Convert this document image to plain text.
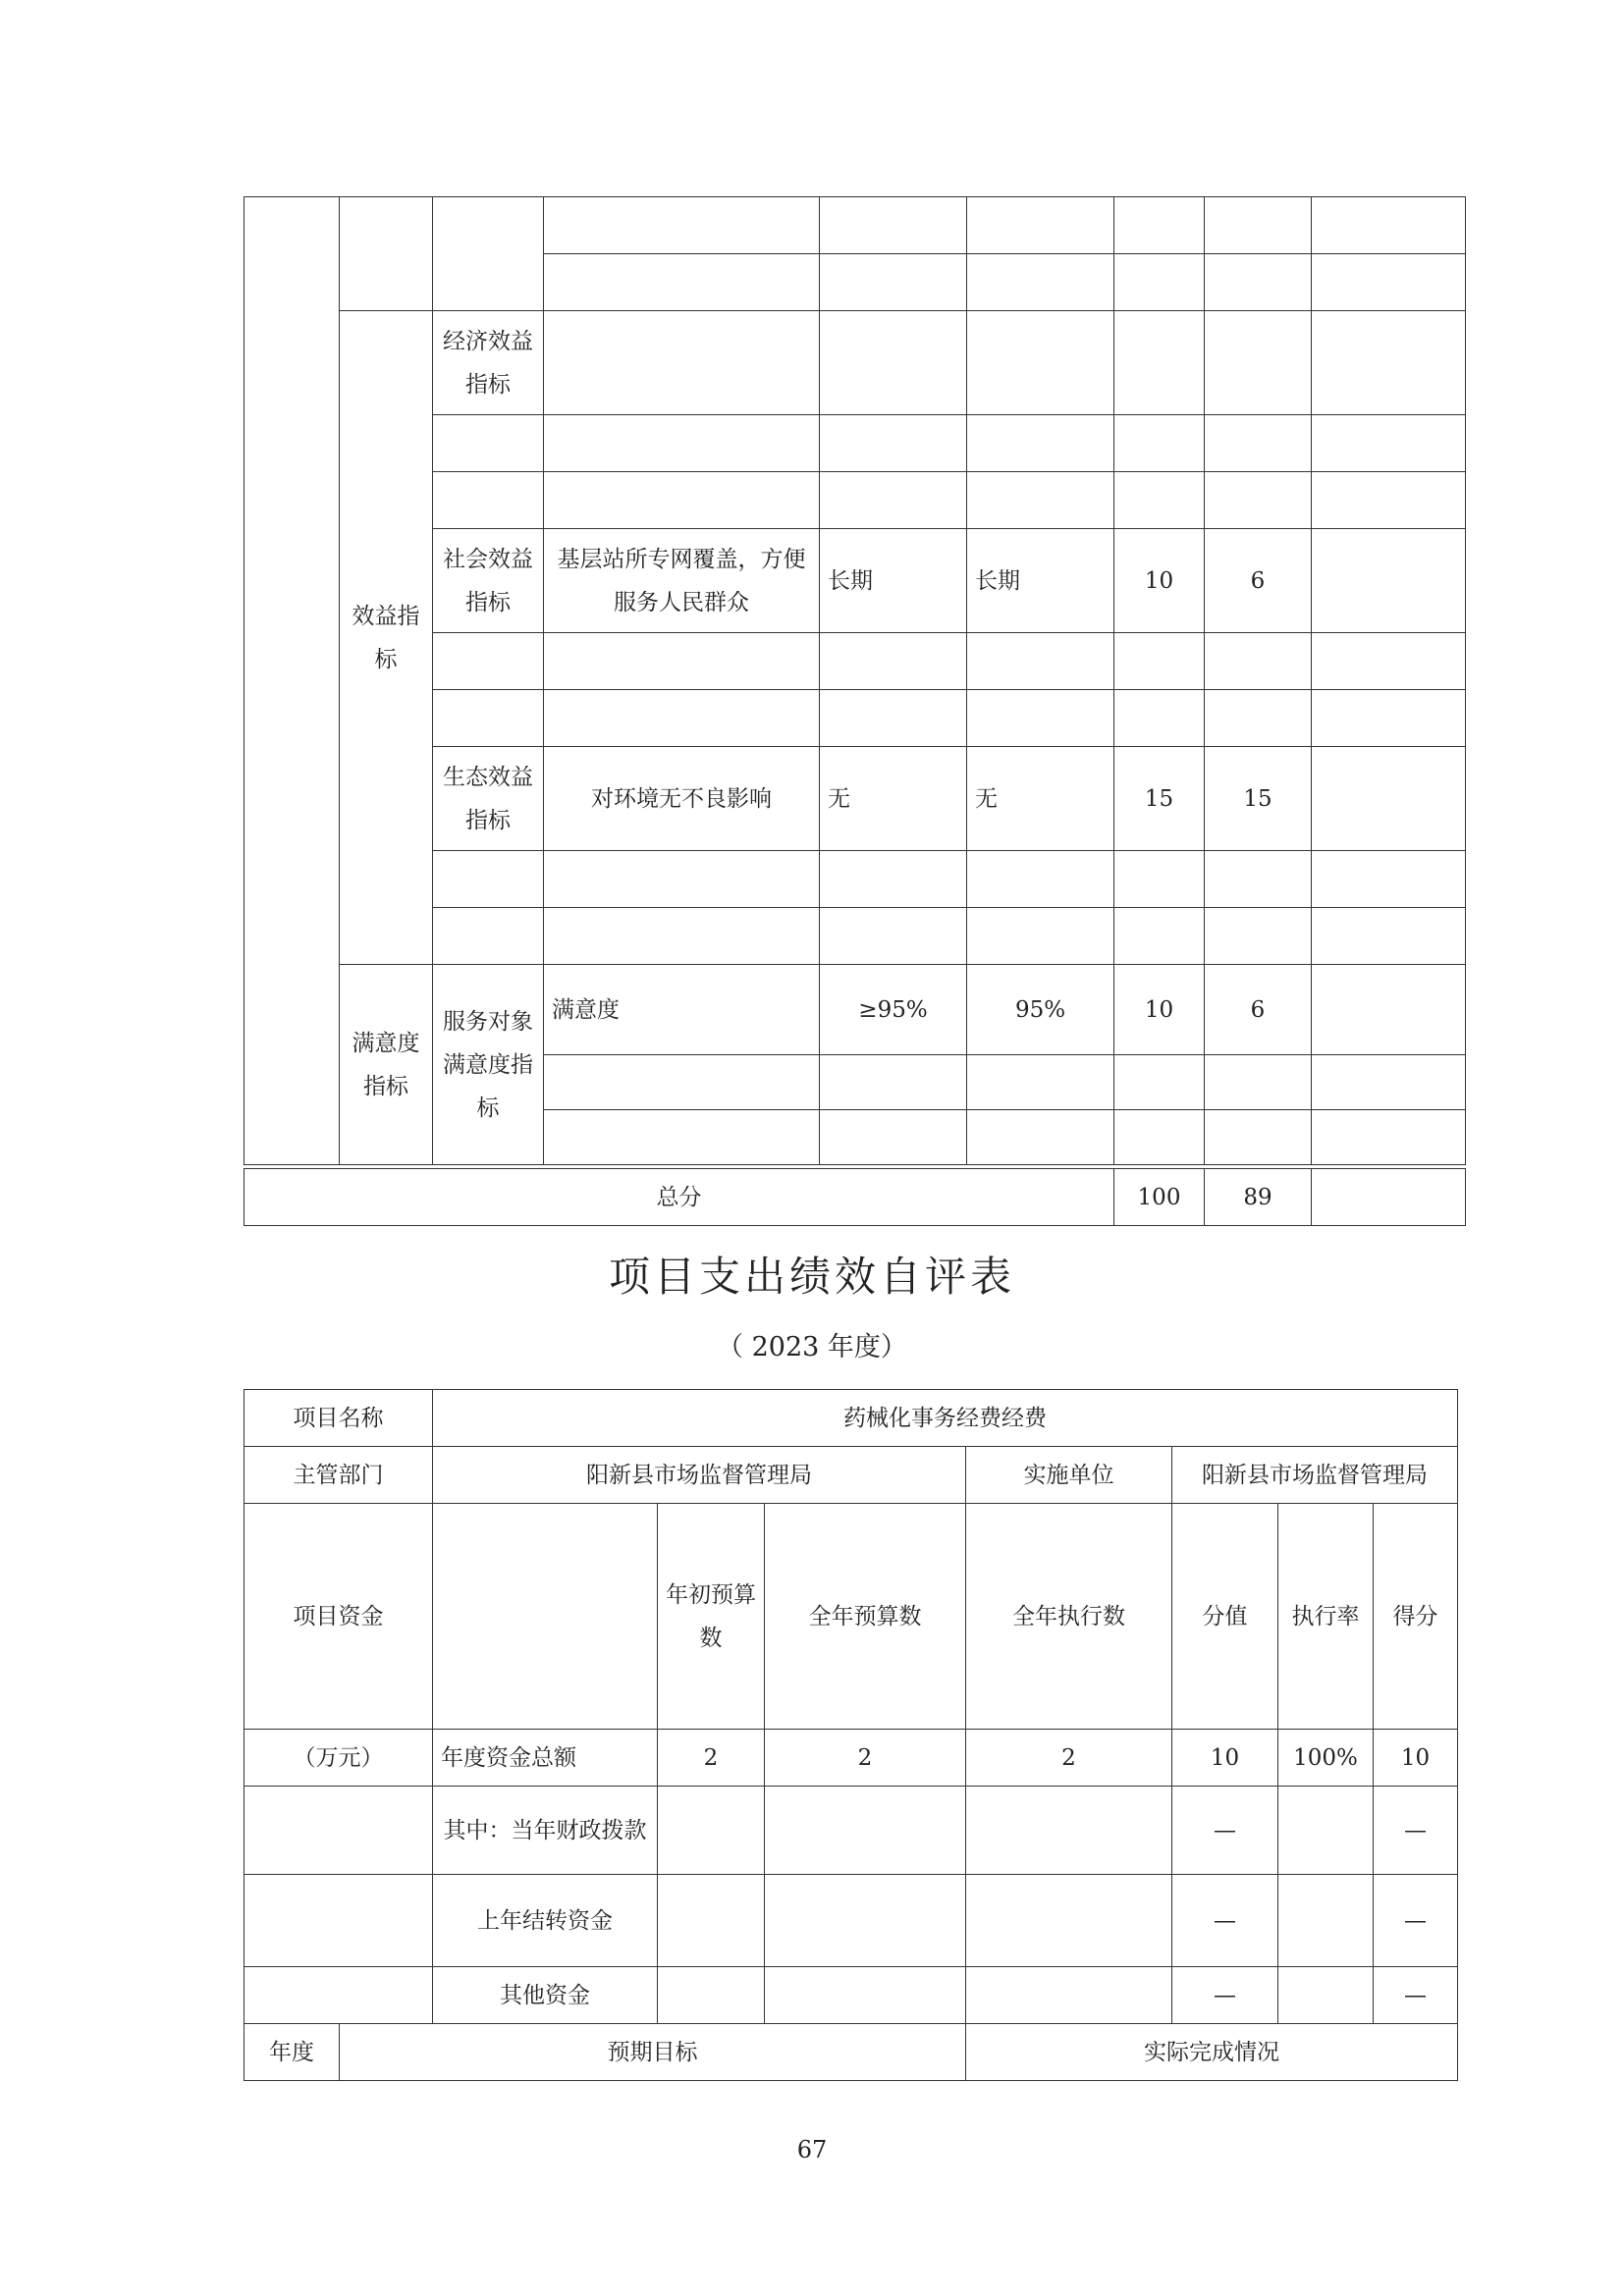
	效益指标	经济效益指标						

		社会效益指标	基层站所专网覆盖，方便服务人民群众	长期	长期	10	6	

		生态效益指标	对环境无不良影响	无	无	15	15	

	满意度指标	服务对象满意度指标	满意度	≥95%	95%	10	6	

总分	100	89	
项目支出绩效自评表
（ 2023 年度）
项目名称		药械化事务经费经费						
主管部门		阳新县市场监督管理局			实施单位	阳新县市场监督管理局		
项目资金			年初预算数	全年预算数	全年执行数	分值	执行率	得分
（万元）		年度资金总额	2	2	2	10	100%	10
		其中：当年财政拨款				—		—
		上年结转资金				—		—
		其他资金				—		—
年度	预期目标				实际完成情况			
67
